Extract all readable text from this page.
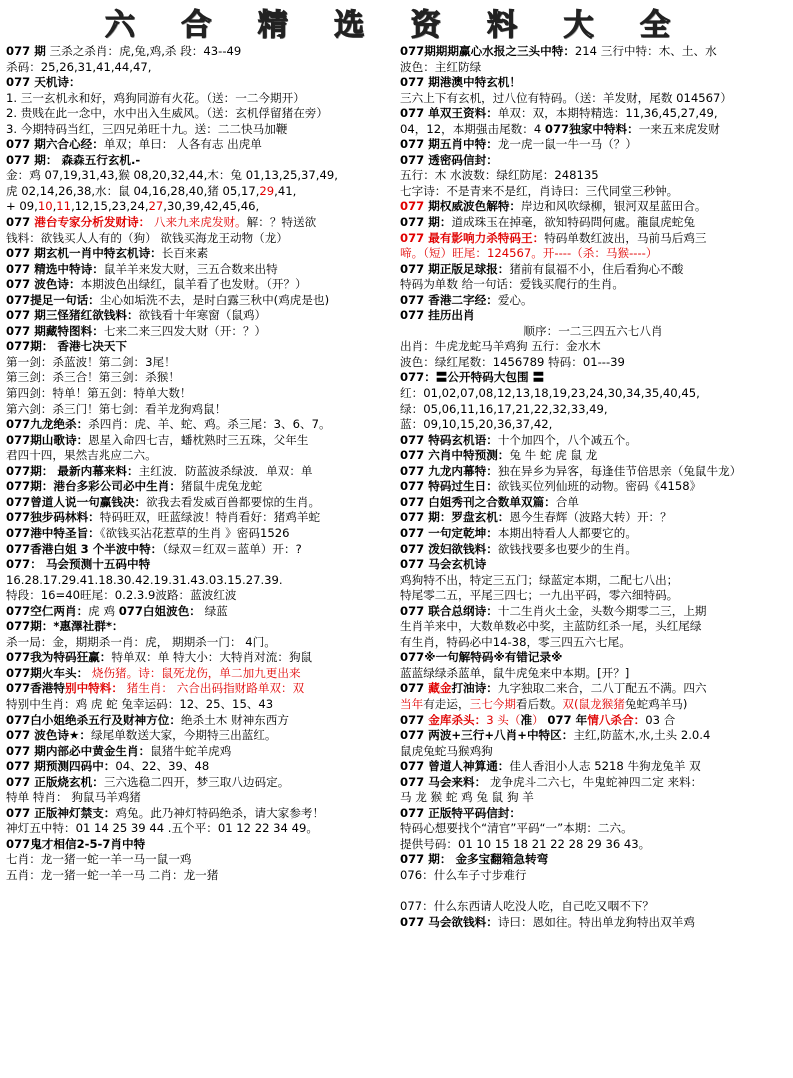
六 合 精 选 资 料 大 全
077 期 三杀之杀肖：虎,兔,鸡,杀 段：43--49
杀码：25,26,31,41,44,47,
077 天机诗：
1. 三一玄机永和好，鸡狗同游有火花。（送：一二今期开）
2. 贵贱在此一念中，水中出入生威风。（送：玄机俘留猪在旁）
3. 今期特码当红，三四兄弟旺十九。送：二二快马加鞭
077 期六合心经：单双；单曰： 人各有志 出虎单
077 期： 森森五行玄机.-
金：鸡 07,19,31,43,猴 08,20,32,44,木：兔 01,13,25,37,49,
虎 02,14,26,38,水：鼠 04,16,28,40,猪 05,17,29,41,
+ 09,10,11,12,15,23,24,27,30,39,42,45,46,
077 港台专家分析发财诗： 八来九来虎发财。解：？特送欲
钱料：欲钱买人人有的（狗） 欲钱买海龙王动物（龙）
077 期玄机一肖中特玄机诗：长百来素
077 精选中特诗：鼠羊羊来发大财，三五合数来出特
077 波色诗：本期波色出绿红，鼠羊看了也发财。（开？）
077提足一句话：尘心如垢洗不去，是时白露三秋中(鸡虎是也)
077 期三怪猪红欲钱料：欲钱看十年寒窗（鼠鸡）
077 期藏特图料：七来二来三四发大财（开：？）
077期： 香港七决天下
第一剑：杀蓝波！第二剑：3尾！
第三剑：杀三合！第三剑：杀猴！
第四剑：特单！第五剑：特单大数！
第六剑：杀三门！第七剑：看羊龙狗鸡鼠！
077九龙绝杀：杀四肖：虎、羊、蛇、鸡。杀三尾：3、6、7。
077期山歌诗：恩星入命四七吉，蟠枕熟时三五珠，父年生
君四十四，果然吉兆应二六。
077期： 最新内幕来料：主红波．防蓝波杀绿波．单双：单
077期：港台多彩公司必中生肖：猪鼠牛虎兔龙蛇
077曾道人说一句赢钱决：欲我去看发威百兽都要惊的生肖。
077独步码林料：特码旺双，旺蓝绿波！特肖看好：猪鸡羊蛇
077港中特圣旨：《欲钱买沾花惹草的生肖 》密码1526
077香港白姐 3 个半波中特：（绿双＝红双＝蓝单）开：?
077： 马会预测十五码中特
16.28.17.29.41.18.30.42.19.31.43.03.15.27.39.
特段：16=40旺尾：0.2.3.9波路：蓝波红波
077空仁两肖：虎 鸡 077白姐波色： 绿蓝
077期：*惠澤社群*：
杀一局：金，期期杀一肖：虎， 期期杀一门： 4门。
077我为特码狂赢：特单双：单 特大小：大特肖对流：狗鼠
077期火车头： 烧伤猪。诗：鼠死龙伤，单二加九更出来
077香港特别中特料： 猪生肖： 六合出码指财路单双：双
特别中生肖：鸡 虎 蛇 兔幸运码：12、25、15、43
077白小姐绝杀五行及财神方位：绝杀土木 财神东西方
077 波色诗★：绿尾单数送大家，今期特三出蓝红。
077 期内部必中黄金生肖：鼠猪牛蛇羊虎鸡
077 期预测四码中：04、22、39、48
077 正版烧玄机：三六选稳二四开，梦三取八边码定。
特单 特肖： 狗鼠马羊鸡猪
077 正版神灯禁支：鸡兔。此乃神灯特码绝杀，请大家参考！
神灯五中特：01 14 25 39 44 .五个平：01 12 22 34 49。
077鬼才相信2-5-7肖中特
七肖：龙一猪一蛇一羊一马一鼠一鸡
五肖：龙一猪一蛇一羊一马 二肖：龙一猪
077期期期赢心水报之三头中特：214 三行中特：木、土、水
波色：主红防绿
077 期港澳中特玄机！
三六上下有玄机，过八位有特码。（送：羊发财，尾数 014567）
077 单双王资料：单双：双，本期特精选：11,36,45,27,49,
04，12，本期强击尾数：4 077独家中特料：一来五来虎发财
077 期五肖中特：龙一虎一鼠一牛一马（？）
077 透密码信封：
五行：木 水波数：绿红防尾：248135
七字诗：不是青来不是红，肖诗曰：三代同堂三秒钟。
077 期权威波色解特：岸边和风吹绿柳，银河双星蓝田合。
077 期：道成珠玉在掉毫，欲知特码問何處。龍鼠虎蛇兔
077 最有影响力杀特码王：特码单数红波出，马前马后鸡三
啼。（短）旺尾：124567。开----（杀：马猴----）
077 期正版足球报：猪前有鼠福不小，住后看狗心不酸
特码为单数 给一句话：爱钱买爬行的生肖。
077 香港二字经：爱心。
077 挂历出肖
顺序：一二三四五六七八肖
出肖：牛虎龙蛇马羊鸡狗 五行：金水木
波色：绿红尾数：1456789 特码：01---39
077：〓公开特码大包围 〓
红：01,02,07,08,12,13,18,19,23,24,30,34,35,40,45,
绿：05,06,11,16,17,21,22,32,33,49,
蓝：09,10,15,20,36,37,42,
077 特码玄机语：十个加四个，八个减五个。
077 六肖中特预测：兔 牛 蛇 虎 鼠 龙
077 九龙内幕特：独在异乡为异客，每逢佳节倍思亲（兔鼠牛龙）
077 特码过生日：欲钱买位列仙班的动物。密码《4158》
077 白姐秀刊之合数单双篇：合单
077 期：罗盘玄机：恩今生春辉（波路大转）开：？
077 一句定乾坤：本期出特看人人都要它的。
077 泼妇欲钱料：欲钱找要多也要少的生肖。
077 马会玄机诗
鸡狗特不出，特定三五门；绿蓝定本期，二配七八出；
特尾零二五，平尾三四七；一九出平码，零六细特码。
077 联合总纲诗：十二生肖火土金，头数今期零二三，上期
生肖羊来中，大数单数必中奖，主蓝防红杀一尾，头红尾绿
有生肖，特码必中14-38，零三四五六七尾。
077※一句解特码※有错记录※
蓝蓝绿绿杀蓝单，鼠牛虎兔来中本期。[开？]
077 藏金打油诗：九字独取二来合，二八丁配五不满。四六
当年有走运，三七今期看后数。双(鼠龙猴猪兔蛇鸡羊马)
077 金库杀头：3 头（准） 077 年情八杀合：03 合
077 两波+三行+八肖+中特区：主红,防蓝木,水,土头 2.0.4
鼠虎兔蛇马猴鸡狗
077 曾道人神算通：佳人香泪小人志 5218 牛狗龙兔羊 双
077 马会来料： 龙争虎斗二六七，牛鬼蛇神四二定 来料：
马 龙 猴 蛇 鸡 兔 鼠 狗 羊
077 正版特平码信封：
特码心想要找个“清官”平码“一”本期：二六。
提供号码：01 10 15 18 21 22 28 29 36 43。
077 期： 金多宝翻箱急转弯
076：什么车子寸步难行
077：什么东西请人吃没人吃，自己吃又咽不下？
077 马会欲钱料：诗曰：恩如往。特出单龙狗特出双羊鸡
